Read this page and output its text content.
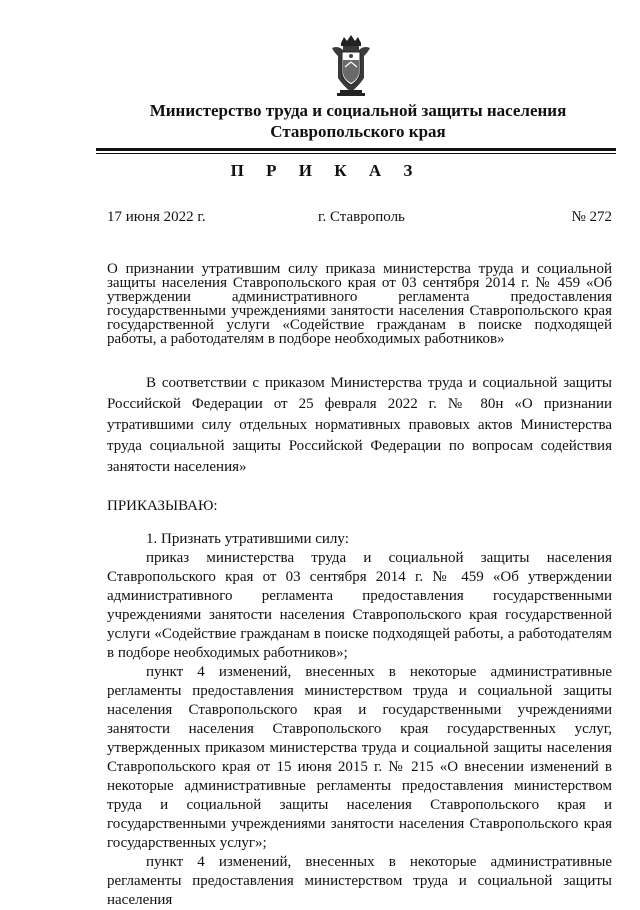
Министерство труда и социальной защиты населения
Ставропольского края
П Р И К А З
17 июня 2022 г.	г. Ставрополь	№ 272
О признании утратившим силу приказа министерства труда и социальной защиты населения Ставропольского края от 03 сентября 2014 г. № 459 «Об утверждении административного регламента предоставления государственными учреждениями занятости населения Ставропольского края государственной услуги «Содействие гражданам в поиске подходящей работы, а работодателям в подборе необходимых работников»

В соответствии с приказом Министерства труда и социальной защиты Российской Федерации от 25 февраля 2022 г. № 80н «О признании утратившими силу отдельных нормативных правовых актов Министерства труда социальной защиты Российской Федерации по вопросам содействия занятости населения»

ПРИКАЗЫВАЮ:

1. Признать утратившими силу:

приказ министерства труда и социальной защиты населения Ставропольского края от 03 сентября 2014 г. № 459 «Об утверждении административного регламента предоставления государственными учреждениями занятости населения Ставропольского края государственной услуги «Содействие гражданам в поиске подходящей работы, а работодателям в подборе необходимых работников»;

пункт 4 изменений, внесенных в некоторые административные регламенты предоставления министерством труда и социальной защиты населения Ставропольского края и государственными учреждениями занятости населения Ставропольского края государственных услуг, утвержденных приказом министерства труда и социальной защиты населения Ставропольского края от 15 июня 2015 г. № 215 «О внесении изменений в некоторые административные регламенты предоставления министерством труда и социальной защиты населения Ставропольского края и государственными учреждениями занятости населения Ставропольского края государственных услуг»;

пункт 4 изменений, внесенных в некоторые административные регламенты предоставления министерством труда и социальной защиты населения
